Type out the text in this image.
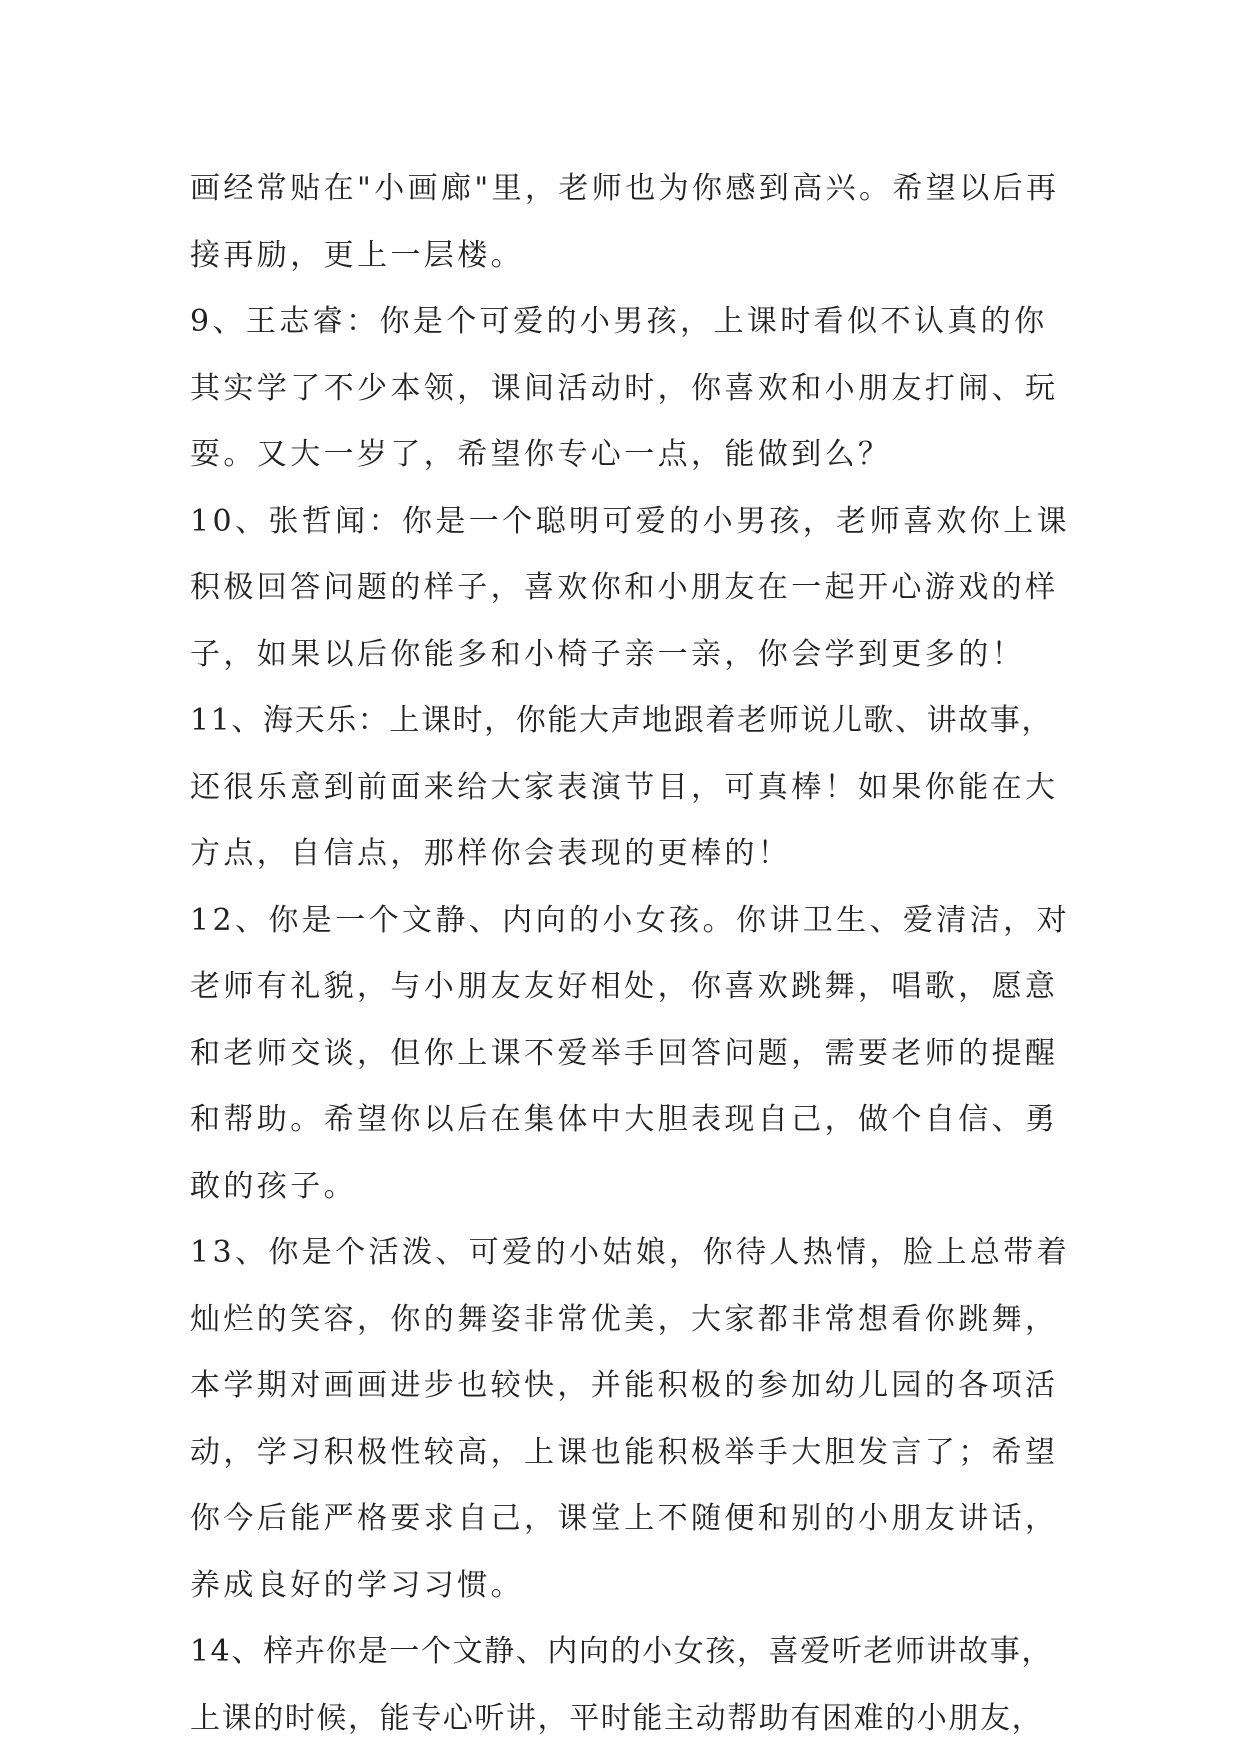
画经常贴在"小画廊"里，老师也为你感到高兴。希望以后再
接再励，更上一层楼。
9、王志睿：你是个可爱的小男孩，上课时看似不认真的你
其实学了不少本领，课间活动时，你喜欢和小朋友打闹、玩
耍。又大一岁了，希望你专心一点，能做到么？
10、张哲闻：你是一个聪明可爱的小男孩，老师喜欢你上课
积极回答问题的样子，喜欢你和小朋友在一起开心游戏的样
子，如果以后你能多和小椅子亲一亲，你会学到更多的！
11、海天乐：上课时，你能大声地跟着老师说儿歌、讲故事，
还很乐意到前面来给大家表演节目，可真棒！如果你能在大
方点，自信点，那样你会表现的更棒的！
12、你是一个文静、内向的小女孩。你讲卫生、爱清洁，对
老师有礼貌，与小朋友友好相处，你喜欢跳舞，唱歌，愿意
和老师交谈，但你上课不爱举手回答问题，需要老师的提醒
和帮助。希望你以后在集体中大胆表现自己，做个自信、勇
敢的孩子。
13、你是个活泼、可爱的小姑娘，你待人热情，脸上总带着
灿烂的笑容，你的舞姿非常优美，大家都非常想看你跳舞，
本学期对画画进步也较快，并能积极的参加幼儿园的各项活
动，学习积极性较高，上课也能积极举手大胆发言了；希望
你今后能严格要求自己，课堂上不随便和别的小朋友讲话，
养成良好的学习习惯。
14、梓卉你是一个文静、内向的小女孩，喜爱听老师讲故事，
上课的时候，能专心听讲，平时能主动帮助有困难的小朋友，
